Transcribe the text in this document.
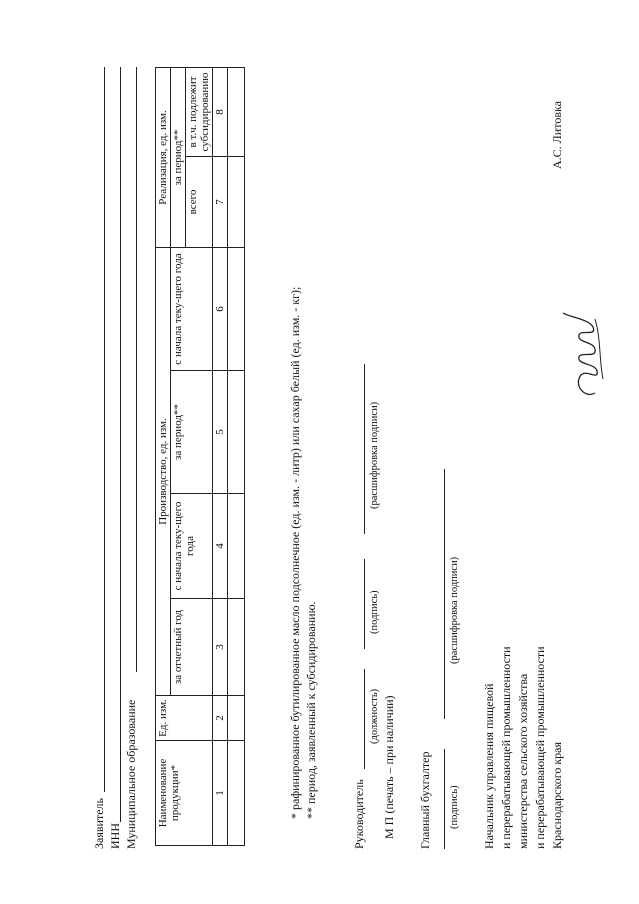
Заявитель ИНН Муниципальное образование Наименование продукции*	Ед. изм.	Производство, ед. изм.				Реализация, ед. изм.	
		за отчетный год	с начала теку-щего года	за период**	с начала теку-щего года	за период**	
						всего	в т.ч. подлежит субсидированию
1	2	3	4	5	6	7	8

* рафинированное бутилированное масло подсолнечное (ед. изм. - литр) или сахар белый (ед. изм. - кг); ** период, заявленный к субсидированию.	Руководитель
(должность)
(подпись)
(расшифровка подписи)
М П (печать – при наличии) Главный бухгалтер (подпись)
(расшифровка подписи)
Начальник управления пищевой и перерабатывающей промышленности министерства сельского хозяйства и перерабатывающей промышленности Краснодарского края
А.С. Литовка
